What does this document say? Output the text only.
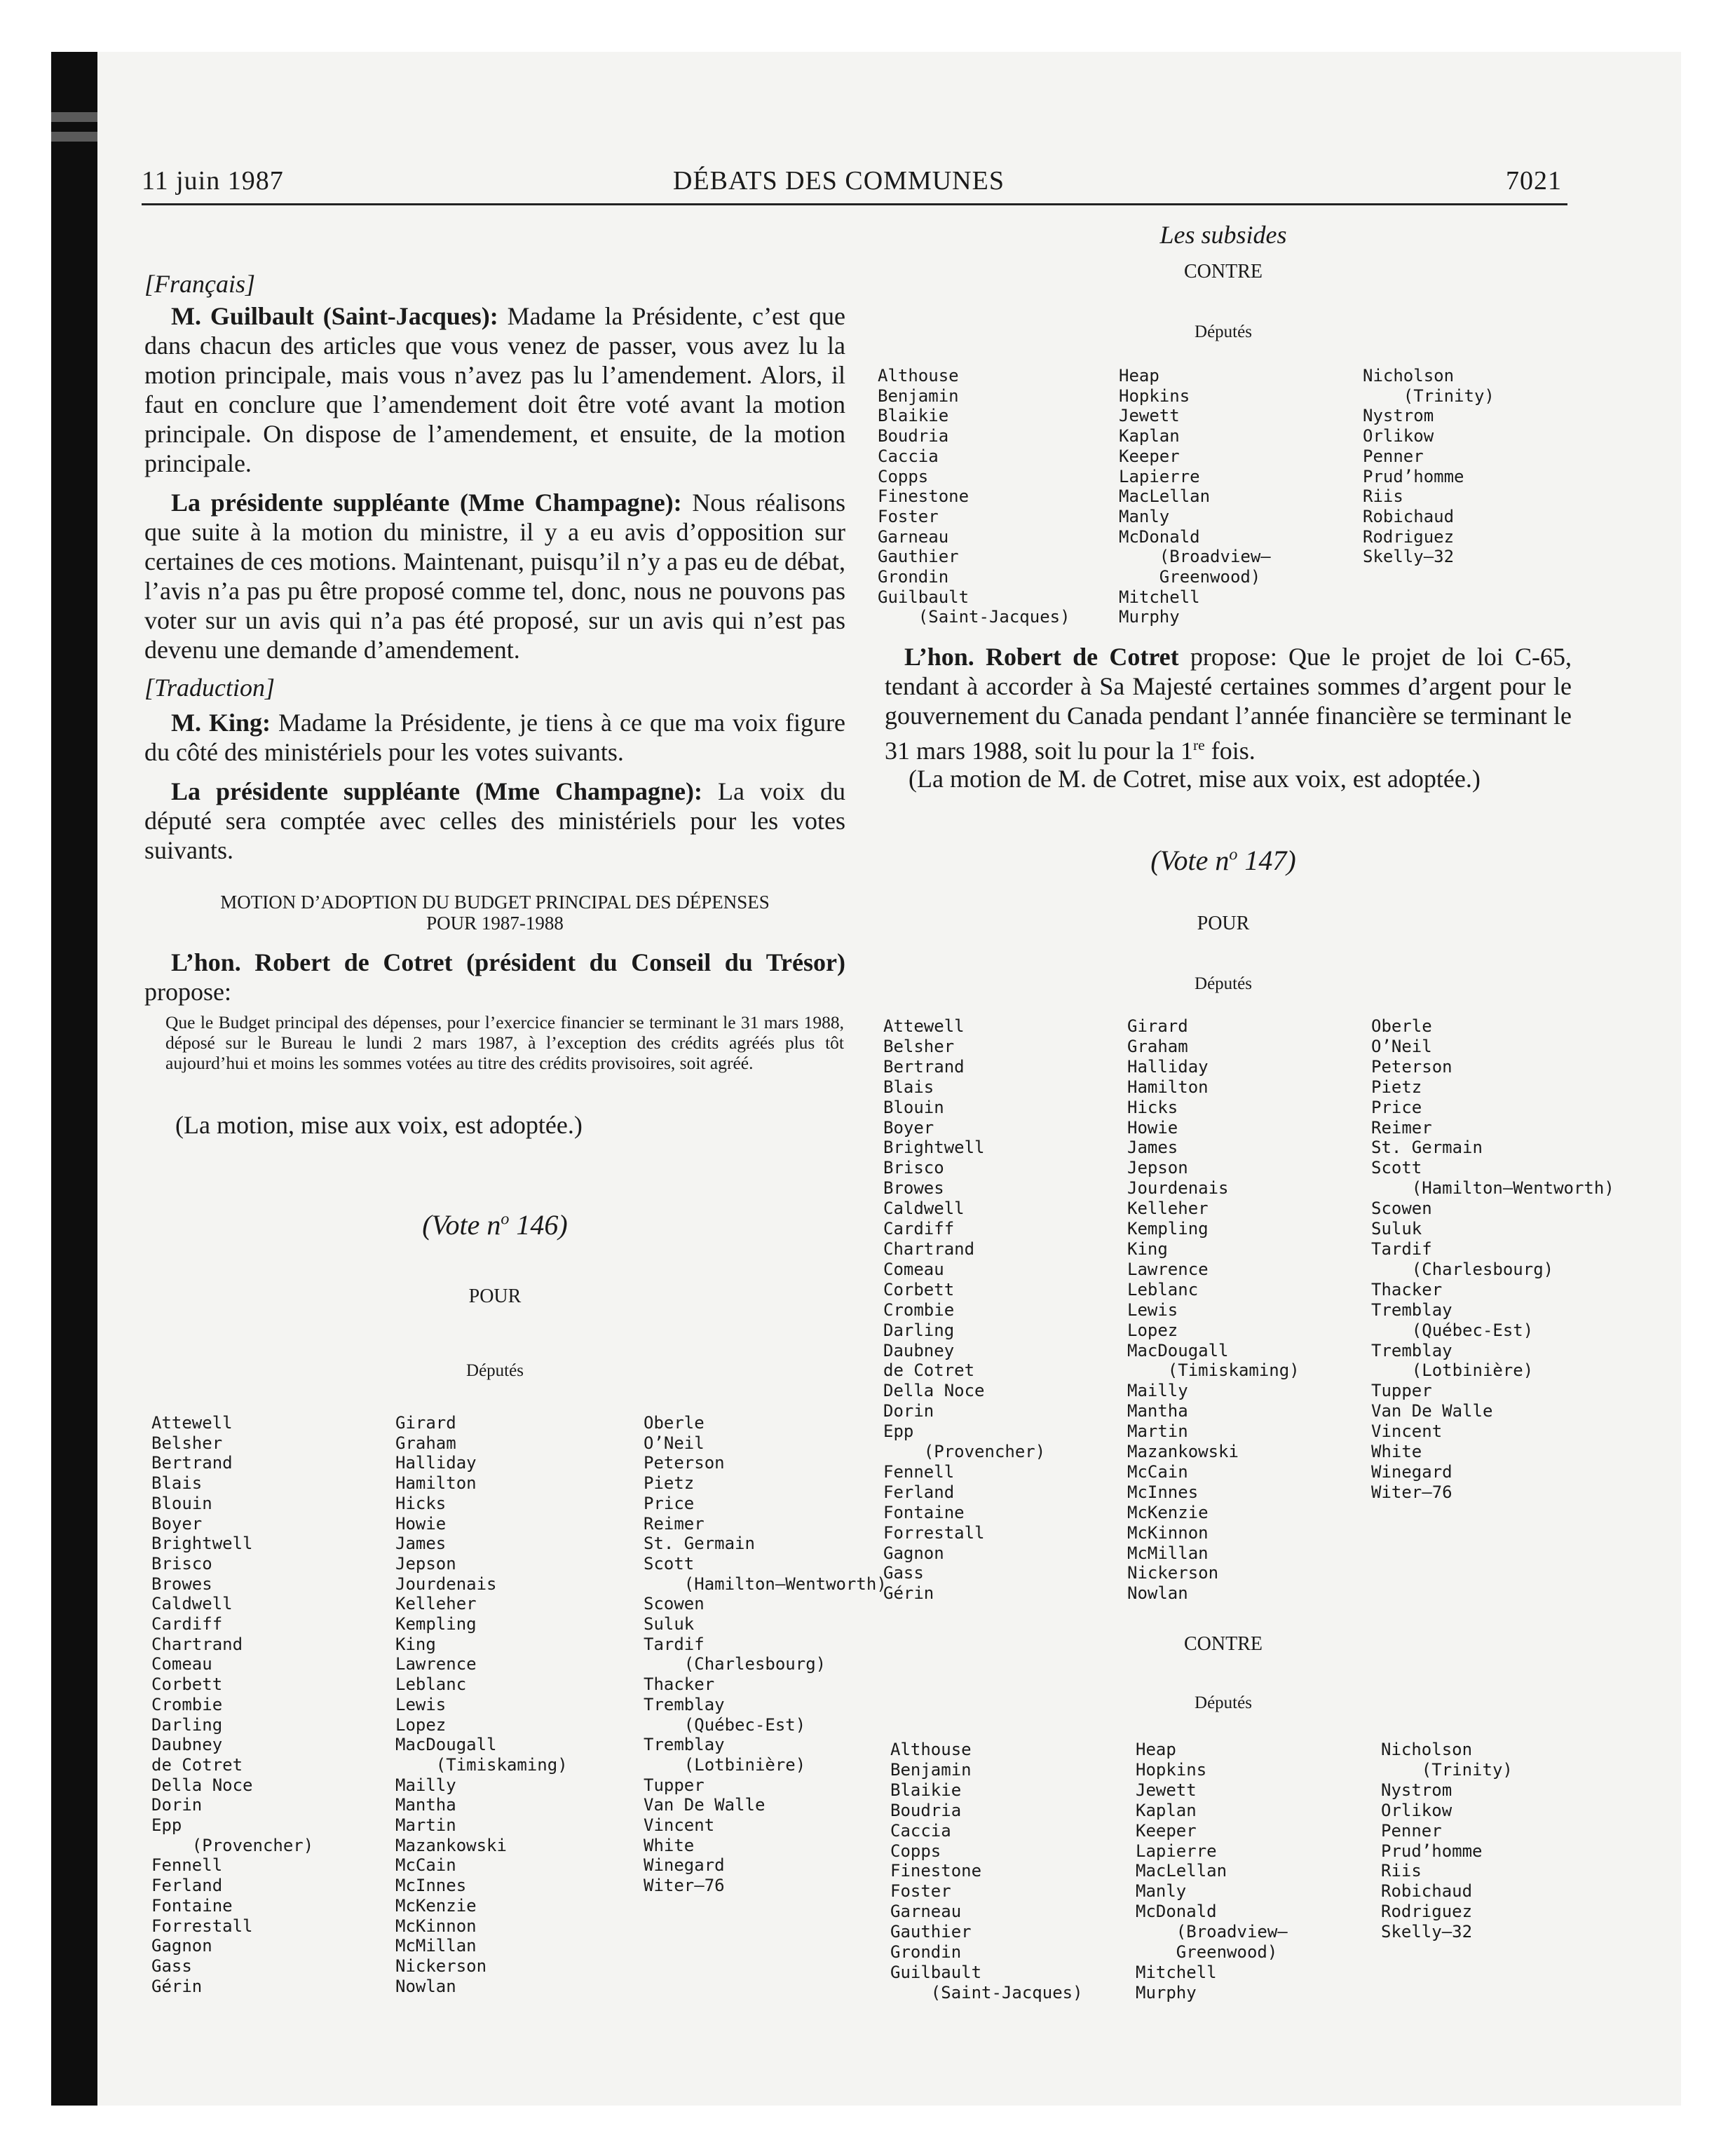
11 juin 1987	DÉBATS DES COMMUNES	7021

[Français]

M. Guilbault (Saint-Jacques): Madame la Présidente, c’est que dans chacun des articles que vous venez de passer, vous avez lu la motion principale, mais vous n’avez pas lu l’amendement. Alors, il faut en conclure que l’amendement doit être voté avant la motion principale. On dispose de l’amendement, et ensuite, de la motion principale.

La présidente suppléante (Mme Champagne): Nous réalisons que suite à la motion du ministre, il y a eu avis d’opposition sur certaines de ces motions. Maintenant, puisqu’il n’y a pas eu de débat, l’avis n’a pas pu être proposé comme tel, donc, nous ne pouvons pas voter sur un avis qui n’a pas été proposé, sur un avis qui n’est pas devenu une demande d’amendement.

[Traduction]

M. King: Madame la Présidente, je tiens à ce que ma voix figure du côté des ministériels pour les votes suivants.

La présidente suppléante (Mme Champagne): La voix du député sera comptée avec celles des ministériels pour les votes suivants.

MOTION D’ADOPTION DU BUDGET PRINCIPAL DES DÉPENSES
POUR 1987-1988

L’hon. Robert de Cotret (président du Conseil du Trésor) propose:

Que le Budget principal des dépenses, pour l’exercice financier se terminant le 31 mars 1988, déposé sur le Bureau le lundi 2 mars 1987, à l’exception des crédits agréés plus tôt aujourd’hui et moins les sommes votées au titre des crédits provisoires, soit agréé.

(La motion, mise aux voix, est adoptée.)

(Vote $n^o$ 146)

POUR

Députés

Attewell
Belsher
Bertrand
Blais
Blouin
Boyer
Brightwell
Brisco
Browes
Caldwell
Cardiff
Chartrand
Comeau
Corbett
Crombie
Darling
Daubney
de Cotret
Della Noce
Dorin
Epp
(Provencher)
Fennell
Ferland
Fontaine
Forrestall
Gagnon
Gass
Gérin
Girard
Graham
Halliday
Hamilton
Hicks
Howie
James
Jepson
Jourdenais
Kelleher
Kempling
King
Lawrence
Leblanc
Lewis
Lopez
MacDougall
(Timiskaming)
Mailly
Mantha
Martin
Mazankowski
McCain
McInnes
McKenzie
McKinnon
McMillan
Nickerson
Nowlan
Oberle
O’Neil
Peterson
Pietz
Price
Reimer
St. Germain
Scott
(Hamilton—Wentworth)
Scowen
Suluk
Tardif
(Charlesbourg)
Thacker
Tremblay
(Québec-Est)
Tremblay
(Lotbinière)
Tupper
Van De Walle
Vincent
White
Winegard
Witer—76

Les subsides

CONTRE

Députés

Althouse
Benjamin
Blaikie
Boudria
Caccia
Copps
Finestone
Foster
Garneau
Gauthier
Grondin
Guilbault
(Saint-Jacques)
Heap
Hopkins
Jewett
Kaplan
Keeper
Lapierre
MacLellan
Manly
McDonald
(Broadview—
Greenwood)
Mitchell
Murphy
Nicholson
(Trinity)
Nystrom
Orlikow
Penner
Prud’homme
Riis
Robichaud
Rodriguez
Skelly—32

L’hon. Robert de Cotret propose: Que le projet de loi C-65, tendant à accorder à Sa Majesté certaines sommes d’argent pour le gouvernement du Canada pendant l’année financière se terminant le 31 mars 1988, soit lu pour la 1re fois.

(La motion de M. de Cotret, mise aux voix, est adoptée.)

(Vote $n^o$ 147)

POUR

Députés

Attewell
Belsher
Bertrand
Blais
Blouin
Boyer
Brightwell
Brisco
Browes
Caldwell
Cardiff
Chartrand
Comeau
Corbett
Crombie
Darling
Daubney
de Cotret
Della Noce
Dorin
Epp
(Provencher)
Fennell
Ferland
Fontaine
Forrestall
Gagnon
Gass
Gérin
Girard
Graham
Halliday
Hamilton
Hicks
Howie
James
Jepson
Jourdenais
Kelleher
Kempling
King
Lawrence
Leblanc
Lewis
Lopez
MacDougall
(Timiskaming)
Mailly
Mantha
Martin
Mazankowski
McCain
McInnes
McKenzie
McKinnon
McMillan
Nickerson
Nowlan
Oberle
O’Neil
Peterson
Pietz
Price
Reimer
St. Germain
Scott
(Hamilton—Wentworth)
Scowen
Suluk
Tardif
(Charlesbourg)
Thacker
Tremblay
(Québec-Est)
Tremblay
(Lotbinière)
Tupper
Van De Walle
Vincent
White
Winegard
Witer—76

CONTRE

Députés

Althouse
Benjamin
Blaikie
Boudria
Caccia
Copps
Finestone
Foster
Garneau
Gauthier
Grondin
Guilbault
(Saint-Jacques)
Heap
Hopkins
Jewett
Kaplan
Keeper
Lapierre
MacLellan
Manly
McDonald
(Broadview—
Greenwood)
Mitchell
Murphy
Nicholson
(Trinity)
Nystrom
Orlikow
Penner
Prud’homme
Riis
Robichaud
Rodriguez
Skelly—32
